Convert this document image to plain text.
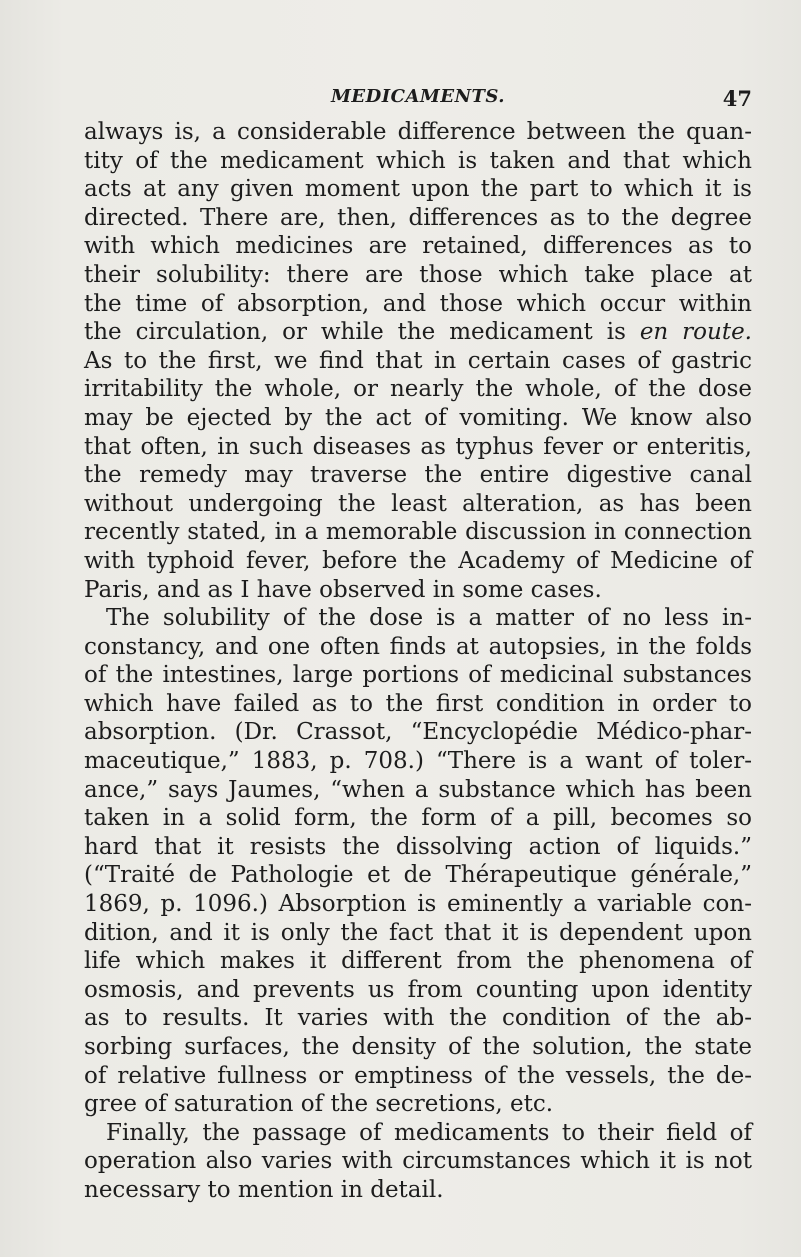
MEDICAMENTS.	47
always is, a considerable difference between the quan-
tity of the medicament which is taken and that which
acts at any given moment upon the part to which it is
directed. There are, then, differences as to the degree
with which medicines are retained, differences as to
their solubility: there are those which take place at
the time of absorption, and those which occur within
the circulation, or while the medicament is en route.
As to the first, we find that in certain cases of gastric
irritability the whole, or nearly the whole, of the dose
may be ejected by the act of vomiting. We know also
that often, in such diseases as typhus fever or enteritis,
the remedy may traverse the entire digestive canal
without undergoing the least alteration, as has been
recently stated, in a memorable discussion in connection
with typhoid fever, before the Academy of Medicine of
Paris, and as I have observed in some cases.
The solubility of the dose is a matter of no less in-
constancy, and one often finds at autopsies, in the folds
of the intestines, large portions of medicinal substances
which have failed as to the first condition in order to
absorption. (Dr. Crassot, “Encyclopédie Médico-phar-
maceutique,” 1883, p. 708.) “There is a want of toler-
ance,” says Jaumes, “when a substance which has been
taken in a solid form, the form of a pill, becomes so
hard that it resists the dissolving action of liquids.”
(“Traité de Pathologie et de Thérapeutique générale,”
1869, p. 1096.) Absorption is eminently a variable con-
dition, and it is only the fact that it is dependent upon
life which makes it different from the phenomena of
osmosis, and prevents us from counting upon identity
as to results. It varies with the condition of the ab-
sorbing surfaces, the density of the solution, the state
of relative fullness or emptiness of the vessels, the de-
gree of saturation of the secretions, etc.
Finally, the passage of medicaments to their field of
operation also varies with circumstances which it is not
necessary to mention in detail.
